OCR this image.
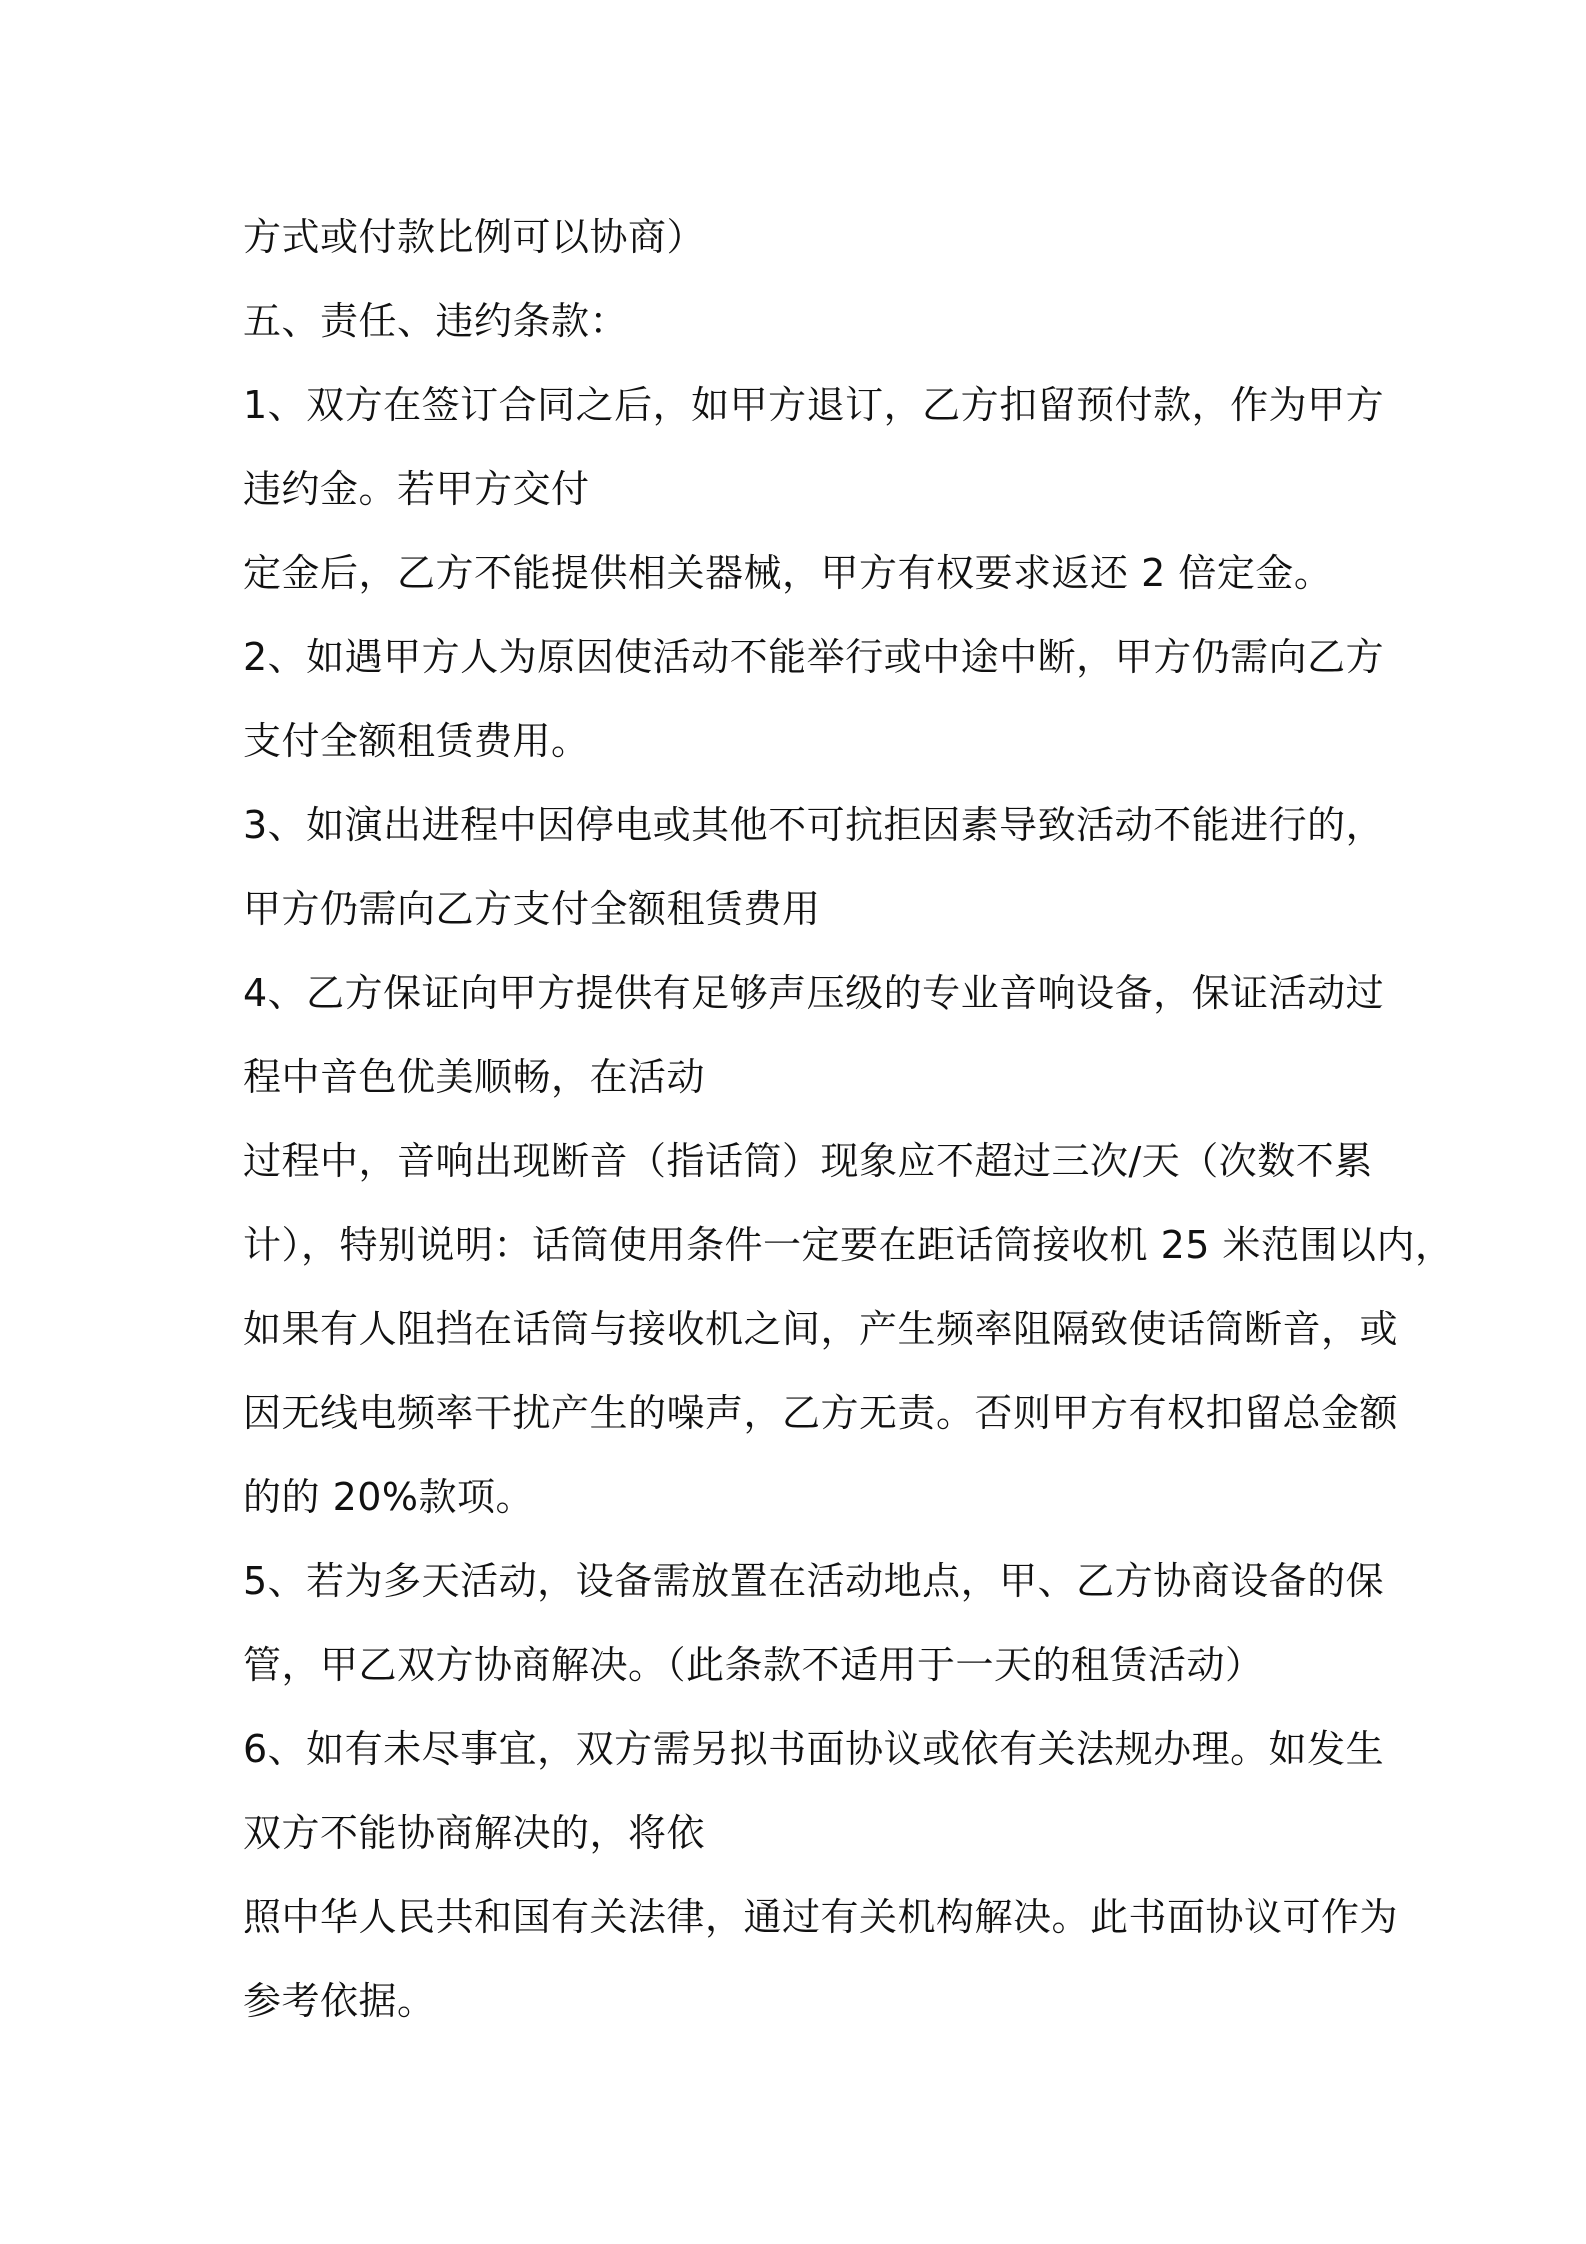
方式或付款比例可以协商）
五、责任、违约条款：
1、双方在签订合同之后，如甲方退订，乙方扣留预付款，作为甲方
违约金。若甲方交付
定金后，乙方不能提供相关器械，甲方有权要求返还 2 倍定金。
2、如遇甲方人为原因使活动不能举行或中途中断，甲方仍需向乙方
支付全额租赁费用。
3、如演出进程中因停电或其他不可抗拒因素导致活动不能进行的，
甲方仍需向乙方支付全额租赁费用
4、乙方保证向甲方提供有足够声压级的专业音响设备，保证活动过
程中音色优美顺畅，在活动
过程中，音响出现断音（指话筒）现象应不超过三次/天（次数不累
计），特别说明：话筒使用条件一定要在距话筒接收机 25 米范围以内，
如果有人阻挡在话筒与接收机之间，产生频率阻隔致使话筒断音，或
因无线电频率干扰产生的噪声，乙方无责。否则甲方有权扣留总金额
的的 20%款项。
5、若为多天活动，设备需放置在活动地点，甲、乙方协商设备的保
管，甲乙双方协商解决。（此条款不适用于一天的租赁活动）
6、如有未尽事宜，双方需另拟书面协议或依有关法规办理。如发生
双方不能协商解决的，将依
照中华人民共和国有关法律，通过有关机构解决。此书面协议可作为
参考依据。
